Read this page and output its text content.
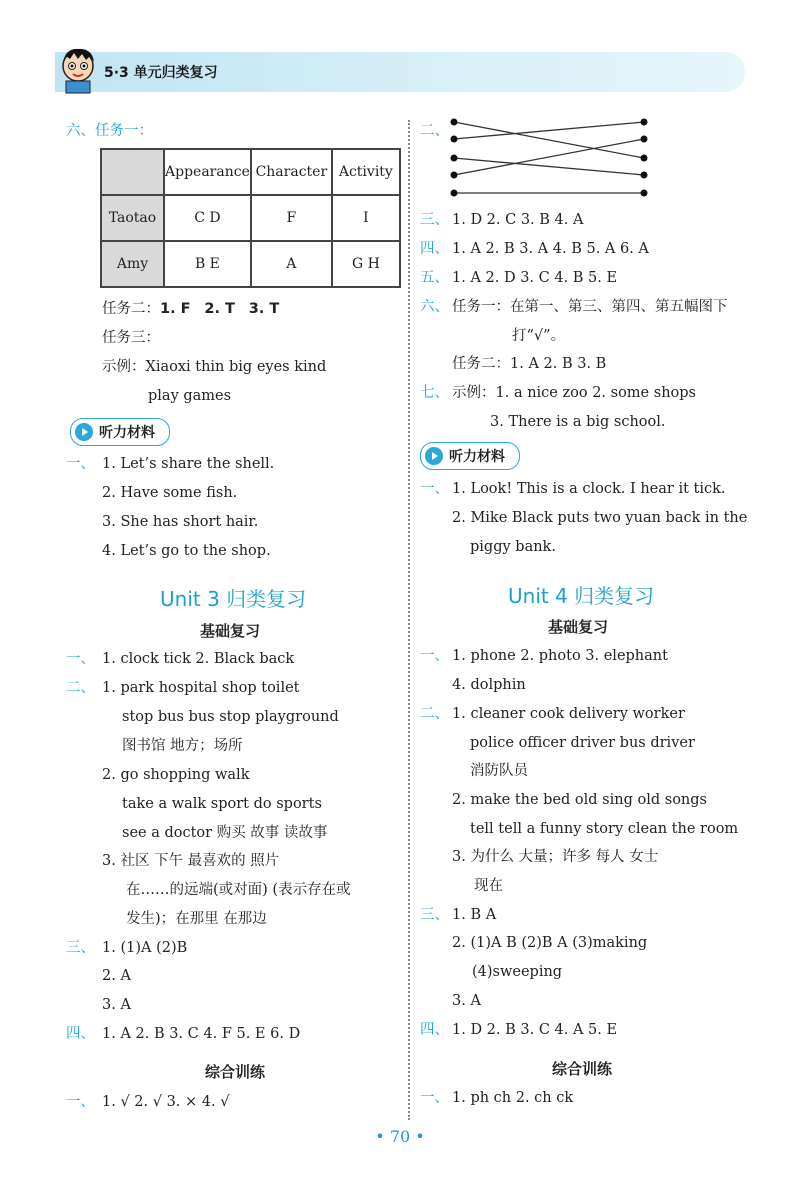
5·3 单元归类复习
六、任务一：
	Appearance	Character	Activity
Taotao	C D	F	I
Amy	B E	A	G H
任务二：1. F 2. T 3. T
任务三：
示例：Xiaoxi thin big eyes kind
play games
听力材料
一、 1. Let’s share the shell.
2. Have some fish.
3. She has short hair.
4. Let’s go to the shop.
Unit 3 归类复习
基础复习
一、 1. clock tick 2. Black back
二、 1. park hospital shop toilet
stop bus bus stop playground
图书馆 地方；场所
2. go shopping walk
take a walk sport do sports
see a doctor 购买 故事 读故事
3. 社区 下午 最喜欢的 照片
在……的远端(或对面) (表示存在或
发生)；在那里 在那边
三、 1. (1)A (2)B
2. A
3. A
四、 1. A 2. B 3. C 4. F 5. E 6. D
综合训练
一、 1. √ 2. √ 3. × 4. √
二、
三、 1. D 2. C 3. B 4. A
四、 1. A 2. B 3. A 4. B 5. A 6. A
五、 1. A 2. D 3. C 4. B 5. E
六、 任务一：在第一、第三、第四、第五幅图下
打“√”。
任务二：1. A 2. B 3. B
七、 示例：1. a nice zoo 2. some shops
3. There is a big school.
听力材料
一、 1. Look! This is a clock. I hear it tick.
2. Mike Black puts two yuan back in the
piggy bank.
Unit 4 归类复习
基础复习
一、 1. phone 2. photo 3. elephant
4. dolphin
二、 1. cleaner cook delivery worker
police officer driver bus driver
消防队员
2. make the bed old sing old songs
tell tell a funny story clean the room
3. 为什么 大量；许多 每人 女士
现在
三、 1. B A
2. (1)A B (2)B A (3)making
(4)sweeping
3. A
四、 1. D 2. B 3. C 4. A 5. E
综合训练
一、 1. ph ch 2. ch ck
• 70 •
